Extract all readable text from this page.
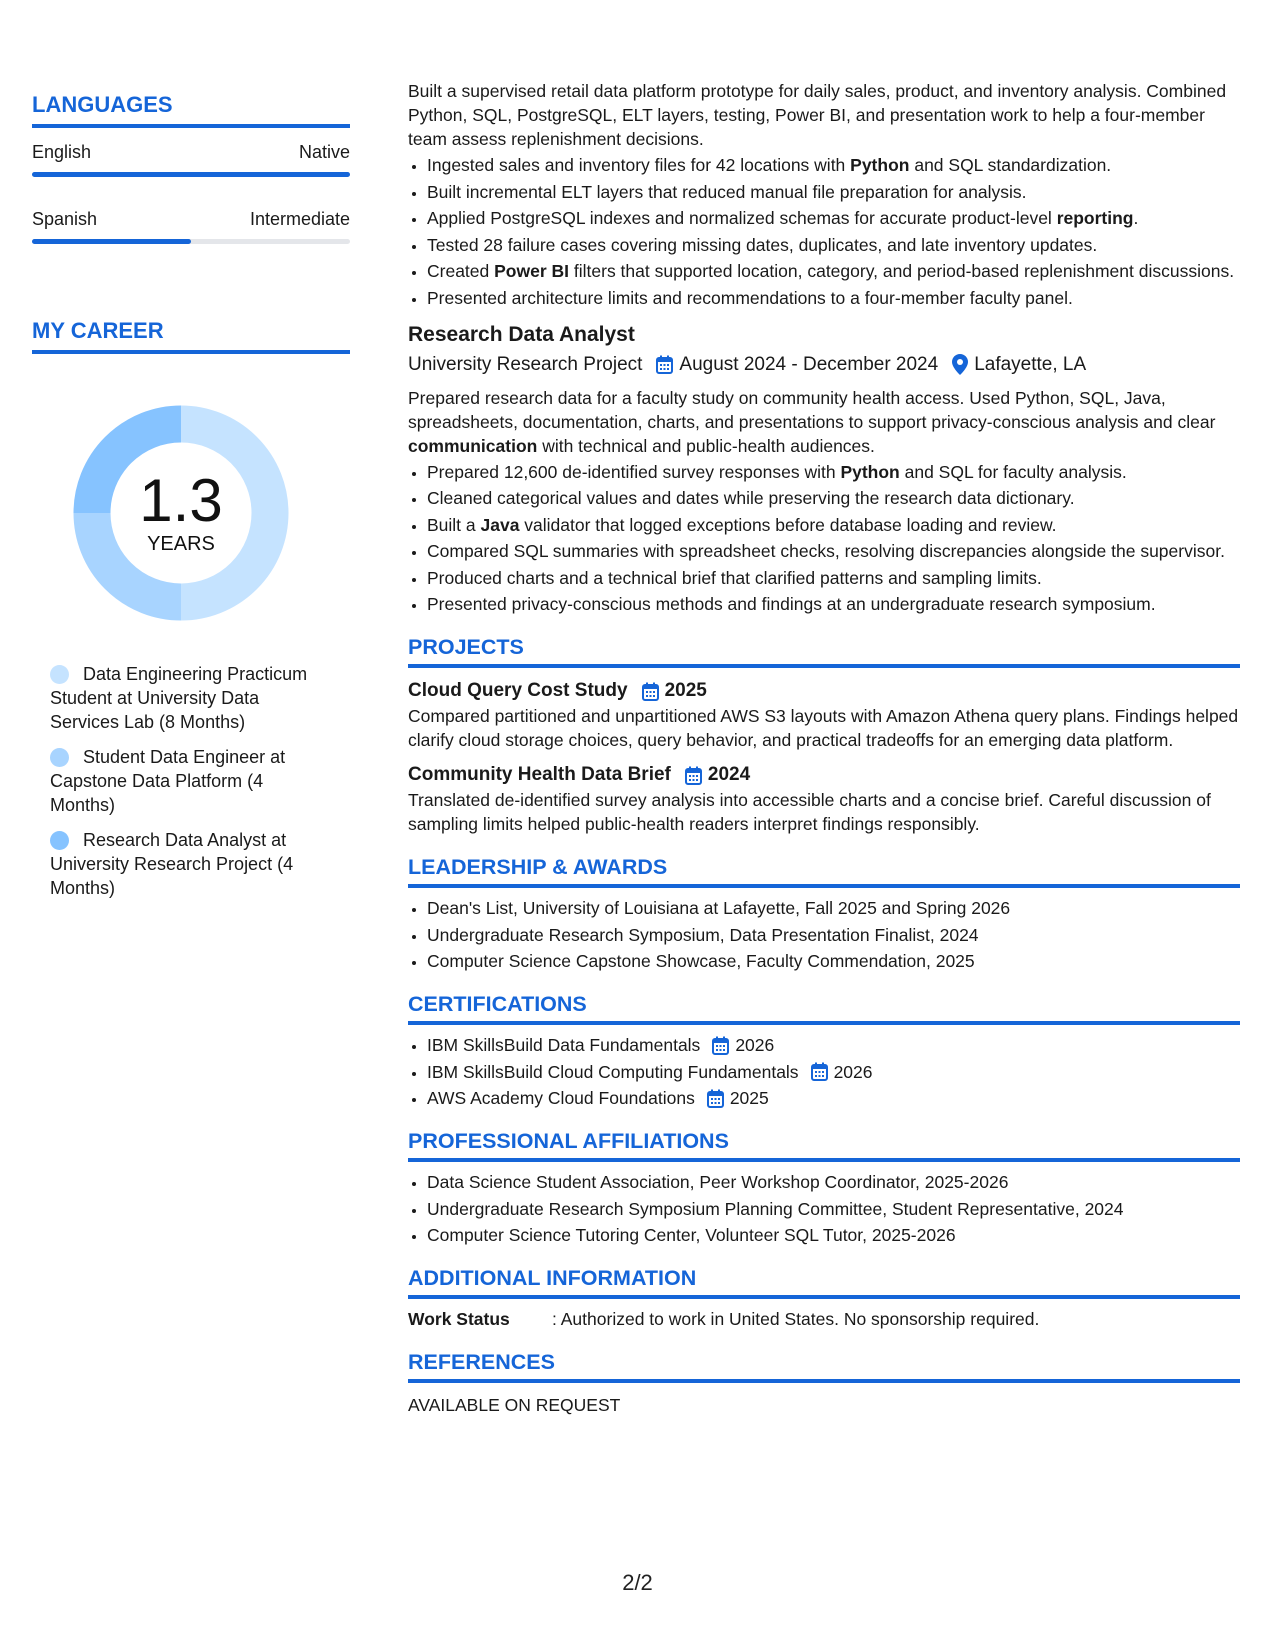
LANGUAGES
English	Native
Spanish	Intermediate
MY CAREER
1.3
YEARS
Data Engineering Practicum Student at University Data Services Lab (8 Months)
Student Data Engineer at Capstone Data Platform (4 Months)
Research Data Analyst at University Research Project (4 Months)

Built a supervised retail data platform prototype for daily sales, product, and inventory analysis. Combined Python, SQL, PostgreSQL, ELT layers, testing, Power BI, and presentation work to help a four-member team assess replenishment decisions.

• Ingested sales and inventory files for 42 locations with Python and SQL standardization.
• Built incremental ELT layers that reduced manual file preparation for analysis.
• Applied PostgreSQL indexes and normalized schemas for accurate product-level reporting.
• Tested 28 failure cases covering missing dates, duplicates, and late inventory updates.
• Created Power BI filters that supported location, category, and period-based replenishment discussions.
• Presented architecture limits and recommendations to a four-member faculty panel.
Research Data Analyst
University Research Project August 2024 - December 2024 Lafayette, LA

Prepared research data for a faculty study on community health access. Used Python, SQL, Java, spreadsheets, documentation, charts, and presentations to support privacy-conscious analysis and clear communication with technical and public-health audiences.

• Prepared 12,600 de-identified survey responses with Python and SQL for faculty analysis.
• Cleaned categorical values and dates while preserving the research data dictionary.
• Built a Java validator that logged exceptions before database loading and review.
• Compared SQL summaries with spreadsheet checks, resolving discrepancies alongside the supervisor.
• Produced charts and a technical brief that clarified patterns and sampling limits.
• Presented privacy-conscious methods and findings at an undergraduate research symposium.
PROJECTS
Cloud Query Cost Study 2025

Compared partitioned and unpartitioned AWS S3 layouts with Amazon Athena query plans. Findings helped clarify cloud storage choices, query behavior, and practical tradeoffs for an emerging data platform.

Community Health Data Brief 2024

Translated de-identified survey analysis into accessible charts and a concise brief. Careful discussion of sampling limits helped public-health readers interpret findings responsibly.

LEADERSHIP & AWARDS
• Dean's List, University of Louisiana at Lafayette, Fall 2025 and Spring 2026
• Undergraduate Research Symposium, Data Presentation Finalist, 2024
• Computer Science Capstone Showcase, Faculty Commendation, 2025
CERTIFICATIONS
• IBM SkillsBuild Data Fundamentals 2026
• IBM SkillsBuild Cloud Computing Fundamentals 2026
• AWS Academy Cloud Foundations 2025
PROFESSIONAL AFFILIATIONS
• Data Science Student Association, Peer Workshop Coordinator, 2025-2026
• Undergraduate Research Symposium Planning Committee, Student Representative, 2024
• Computer Science Tutoring Center, Volunteer SQL Tutor, 2025-2026
ADDITIONAL INFORMATION
Work Status	: Authorized to work in United States. No sponsorship required.
REFERENCES
AVAILABLE ON REQUEST
2/2
